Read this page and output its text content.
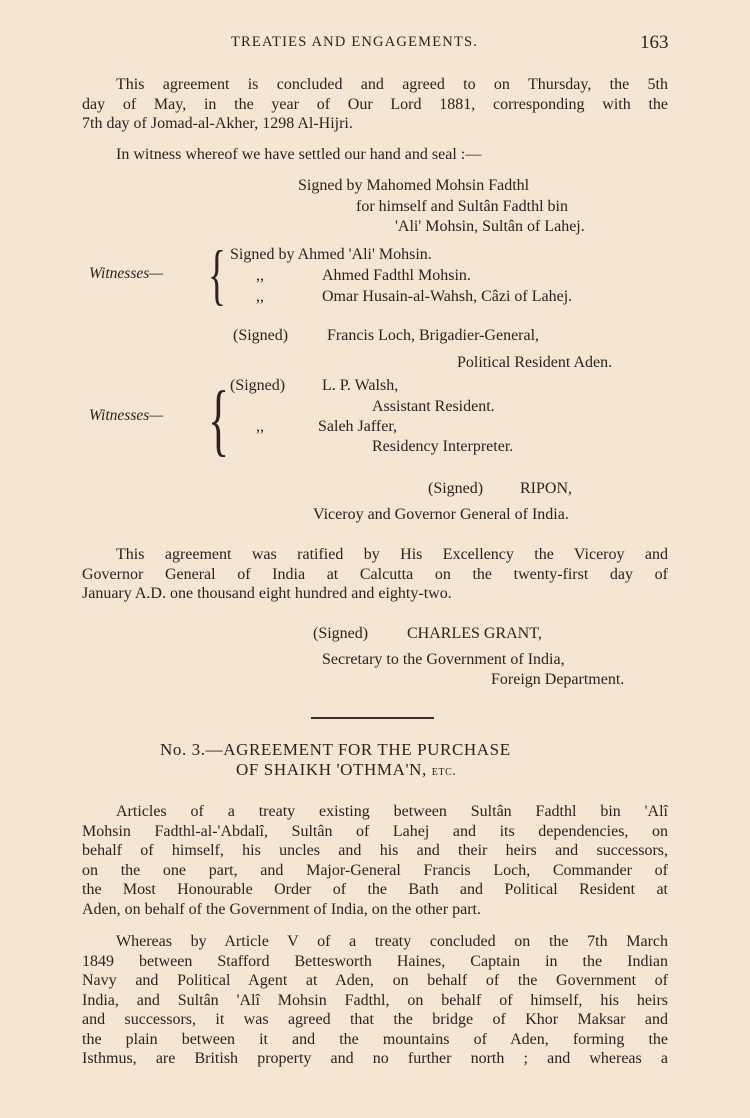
TREATIES AND ENGAGEMENTS.	163
This agreement is concluded and agreed to on Thursday, the 5th
day of May, in the year of Our Lord 1881, corresponding with the
7th day of Jomad-al-Akher, 1298 Al-Hijri.
In witness whereof we have settled our hand and seal :—
Signed by Mahomed Mohsin Fadthl
for himself and Sultân Fadthl bin
'Ali' Mohsin, Sultân of Lahej.
Witnesses— { Signed by Ahmed 'Ali' Mohsin.
,,	Ahmed Fadthl Mohsin.
,,	Omar Husain-al-Wahsh, Câzi of Lahej.
(Signed) Francis Loch, Brigadier-General,
Political Resident Aden.
Witnesses— { (Signed) L. P. Walsh,
Assistant Resident.
,,	Saleh Jaffer,
Residency Interpreter.
(Signed) RIPON,
Viceroy and Governor General of India.
This agreement was ratified by His Excellency the Viceroy and
Governor General of India at Calcutta on the twenty-first day of
January A.D. one thousand eight hundred and eighty-two.
(Signed) CHARLES GRANT,
Secretary to the Government of India,
Foreign Department.
No. 3.—AGREEMENT FOR THE PURCHASE
OF SHAIKH 'OTHMA'N, etc.
Articles of a treaty existing between Sultân Fadthl bin 'Alî
Mohsin Fadthl-al-'Abdalî, Sultân of Lahej and its dependencies, on
behalf of himself, his uncles and his and their heirs and successors,
on the one part, and Major-General Francis Loch, Commander of
the Most Honourable Order of the Bath and Political Resident at
Aden, on behalf of the Government of India, on the other part.
Whereas by Article V of a treaty concluded on the 7th March
1849 between Stafford Bettesworth Haines, Captain in the Indian
Navy and Political Agent at Aden, on behalf of the Government of
India, and Sultân 'Alî Mohsin Fadthl, on behalf of himself, his heirs
and successors, it was agreed that the bridge of Khor Maksar and
the plain between it and the mountains of Aden, forming the
Isthmus, are British property and no further north ; and whereas a
